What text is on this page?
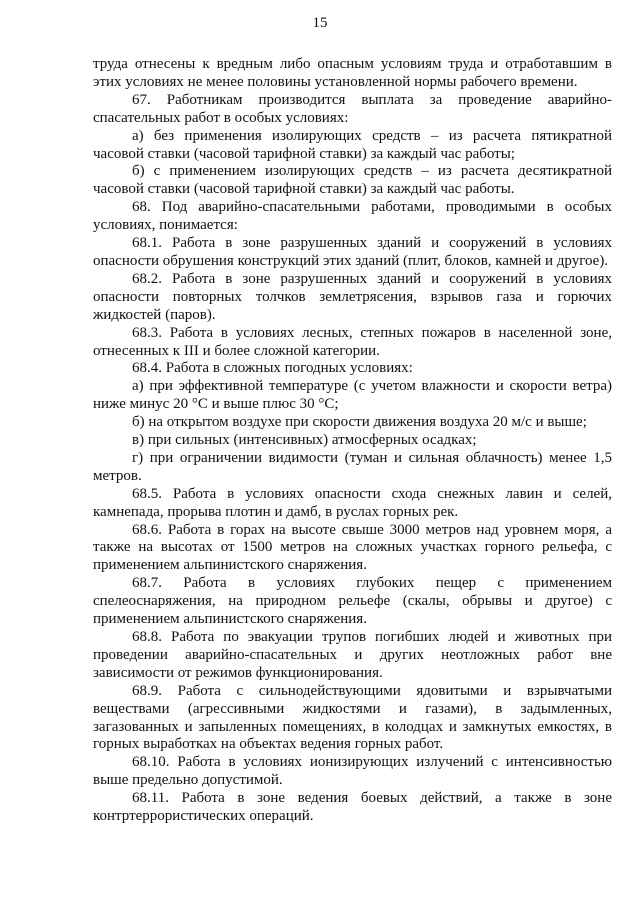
15

труда отнесены к вредным либо опасным условиям труда и отработавшим в этих условиях не менее половины установленной нормы рабочего времени.

67. Работникам производится выплата за проведение аварийно-спасательных работ в особых условиях:

а) без применения изолирующих средств – из расчета пятикратной часовой ставки (часовой тарифной ставки) за каждый час работы;

б) с применением изолирующих средств – из расчета десятикратной часовой ставки (часовой тарифной ставки) за каждый час работы.

68. Под аварийно-спасательными работами, проводимыми в особых условиях, понимается:

68.1. Работа в зоне разрушенных зданий и сооружений в условиях опасности обрушения конструкций этих зданий (плит, блоков, камней и другое).

68.2. Работа в зоне разрушенных зданий и сооружений в условиях опасности повторных толчков землетрясения, взрывов газа и горючих жидкостей (паров).

68.3. Работа в условиях лесных, степных пожаров в населенной зоне, отнесенных к III и более сложной категории.

68.4. Работа в сложных погодных условиях:

а) при эффективной температуре (с учетом влажности и скорости ветра) ниже минус 20 °С и выше плюс 30 °С;

б) на открытом воздухе при скорости движения воздуха 20 м/с и выше;

в) при сильных (интенсивных) атмосферных осадках;

г) при ограничении видимости (туман и сильная облачность) менее 1,5 метров.

68.5. Работа в условиях опасности схода снежных лавин и селей, камнепада, прорыва плотин и дамб, в руслах горных рек.

68.6. Работа в горах на высоте свыше 3000 метров над уровнем моря, а также на высотах от 1500 метров на сложных участках горного рельефа, с применением альпинистского снаряжения.

68.7. Работа в условиях глубоких пещер с применением спелеоснаряжения, на природном рельефе (скалы, обрывы и другое) с применением альпинистского снаряжения.

68.8. Работа по эвакуации трупов погибших людей и животных при проведении аварийно-спасательных и других неотложных работ вне зависимости от режимов функционирования.

68.9. Работа с сильнодействующими ядовитыми и взрывчатыми веществами (агрессивными жидкостями и газами), в задымленных, загазованных и запыленных помещениях, в колодцах и замкнутых емкостях, в горных выработках на объектах ведения горных работ.

68.10. Работа в условиях ионизирующих излучений с интенсивностью выше предельно допустимой.

68.11. Работа в зоне ведения боевых действий, а также в зоне контртеррористических операций.
